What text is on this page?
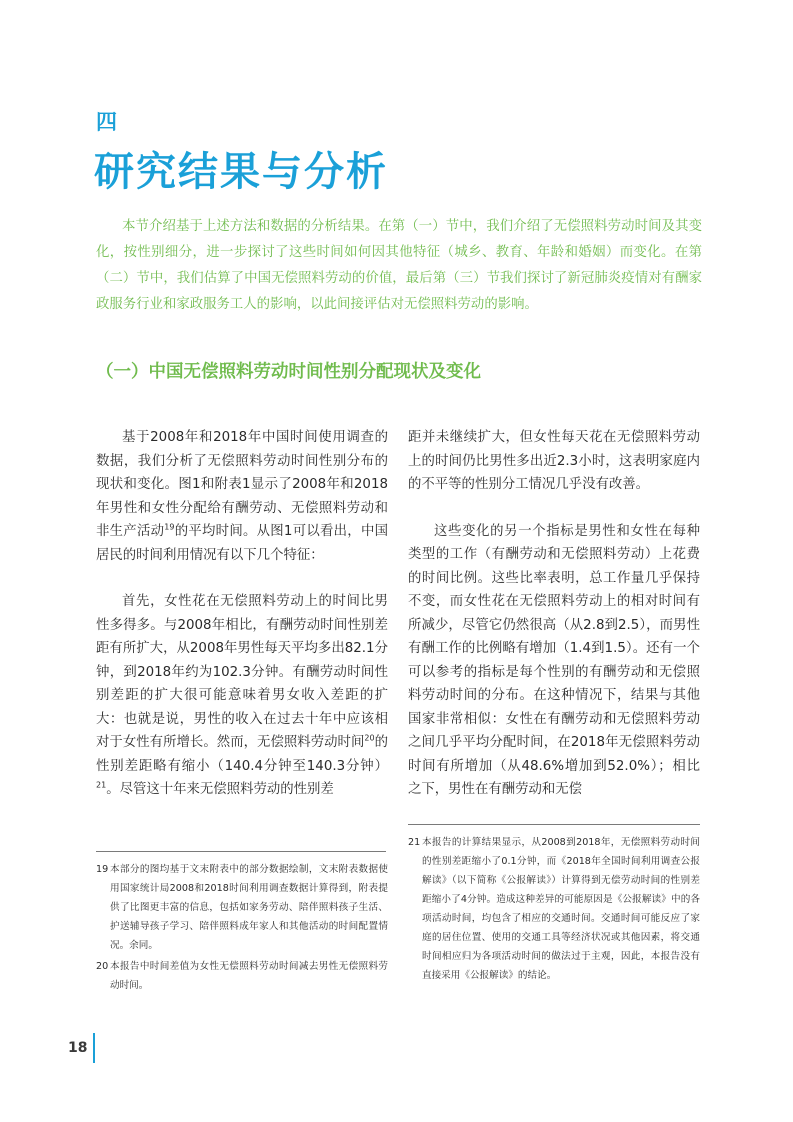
四
研究结果与分析

本节介绍基于上述方法和数据的分析结果。在第（一）节中，我们介绍了无偿照料劳动时间及其变化，按性别细分，进一步探讨了这些时间如何因其他特征（城乡、教育、年龄和婚姻）而变化。在第（二）节中，我们估算了中国无偿照料劳动的价值，最后第（三）节我们探讨了新冠肺炎疫情对有酬家政服务行业和家政服务工人的影响，以此间接评估对无偿照料劳动的影响。

（一）中国无偿照料劳动时间性别分配现状及变化

基于2008年和2018年中国时间使用调查的数据，我们分析了无偿照料劳动时间性别分布的现状和变化。图1和附表1显示了2008年和2018年男性和女性分配给有酬劳动、无偿照料劳动和非生产活动$^{19}$的平均时间。从图1可以看出，中国居民的时间利用情况有以下几个特征：

首先，女性花在无偿照料劳动上的时间比男性多得多。与2008年相比，有酬劳动时间性别差距有所扩大，从2008年男性每天平均多出82.1分钟，到2018年约为102.3分钟。有酬劳动时间性别差距的扩大很可能意味着男女收入差距的扩大：也就是说，男性的收入在过去十年中应该相对于女性有所增长。然而，无偿照料劳动时间$^{20}$的性别差距略有缩小（140.4分钟至140.3分钟）$^{21}$。尽管这十年来无偿照料劳动的性别差

距并未继续扩大，但女性每天花在无偿照料劳动上的时间仍比男性多出近2.3小时，这表明家庭内的不平等的性别分工情况几乎没有改善。

这些变化的另一个指标是男性和女性在每种类型的工作（有酬劳动和无偿照料劳动）上花费的时间比例。这些比率表明，总工作量几乎保持不变，而女性花在无偿照料劳动上的相对时间有所减少，尽管它仍然很高（从2.8到2.5），而男性有酬工作的比例略有增加（1.4到1.5）。还有一个可以参考的指标是每个性别的有酬劳动和无偿照料劳动时间的分布。在这种情况下，结果与其他国家非常相似：女性在有酬劳动和无偿照料劳动之间几乎平均分配时间，在2018年无偿照料劳动时间有所增加（从48.6%增加到52.0%）；相比之下，男性在有酬劳动和无偿

19 本部分的图均基于文末附表中的部分数据绘制，文末附表数据使用国家统计局2008和2018时间利用调查数据计算得到，附表提供了比图更丰富的信息，包括如家务劳动、陪伴照料孩子生活、护送辅导孩子学习、陪伴照料成年家人和其他活动的时间配置情况。余同。
20 本报告中时间差值为女性无偿照料劳动时间减去男性无偿照料劳动时间。
21 本报告的计算结果显示，从2008到2018年，无偿照料劳动时间的性别差距缩小了0.1分钟，而《2018年全国时间利用调查公报解读》（以下简称《公报解读》）计算得到无偿劳动时间的性别差距缩小了4分钟。造成这种差异的可能原因是《公报解读》中的各项活动时间，均包含了相应的交通时间。交通时间可能反应了家庭的居住位置、使用的交通工具等经济状况或其他因素，将交通时间相应归为各项活动时间的做法过于主观，因此，本报告没有直接采用《公报解读》的结论。
18
